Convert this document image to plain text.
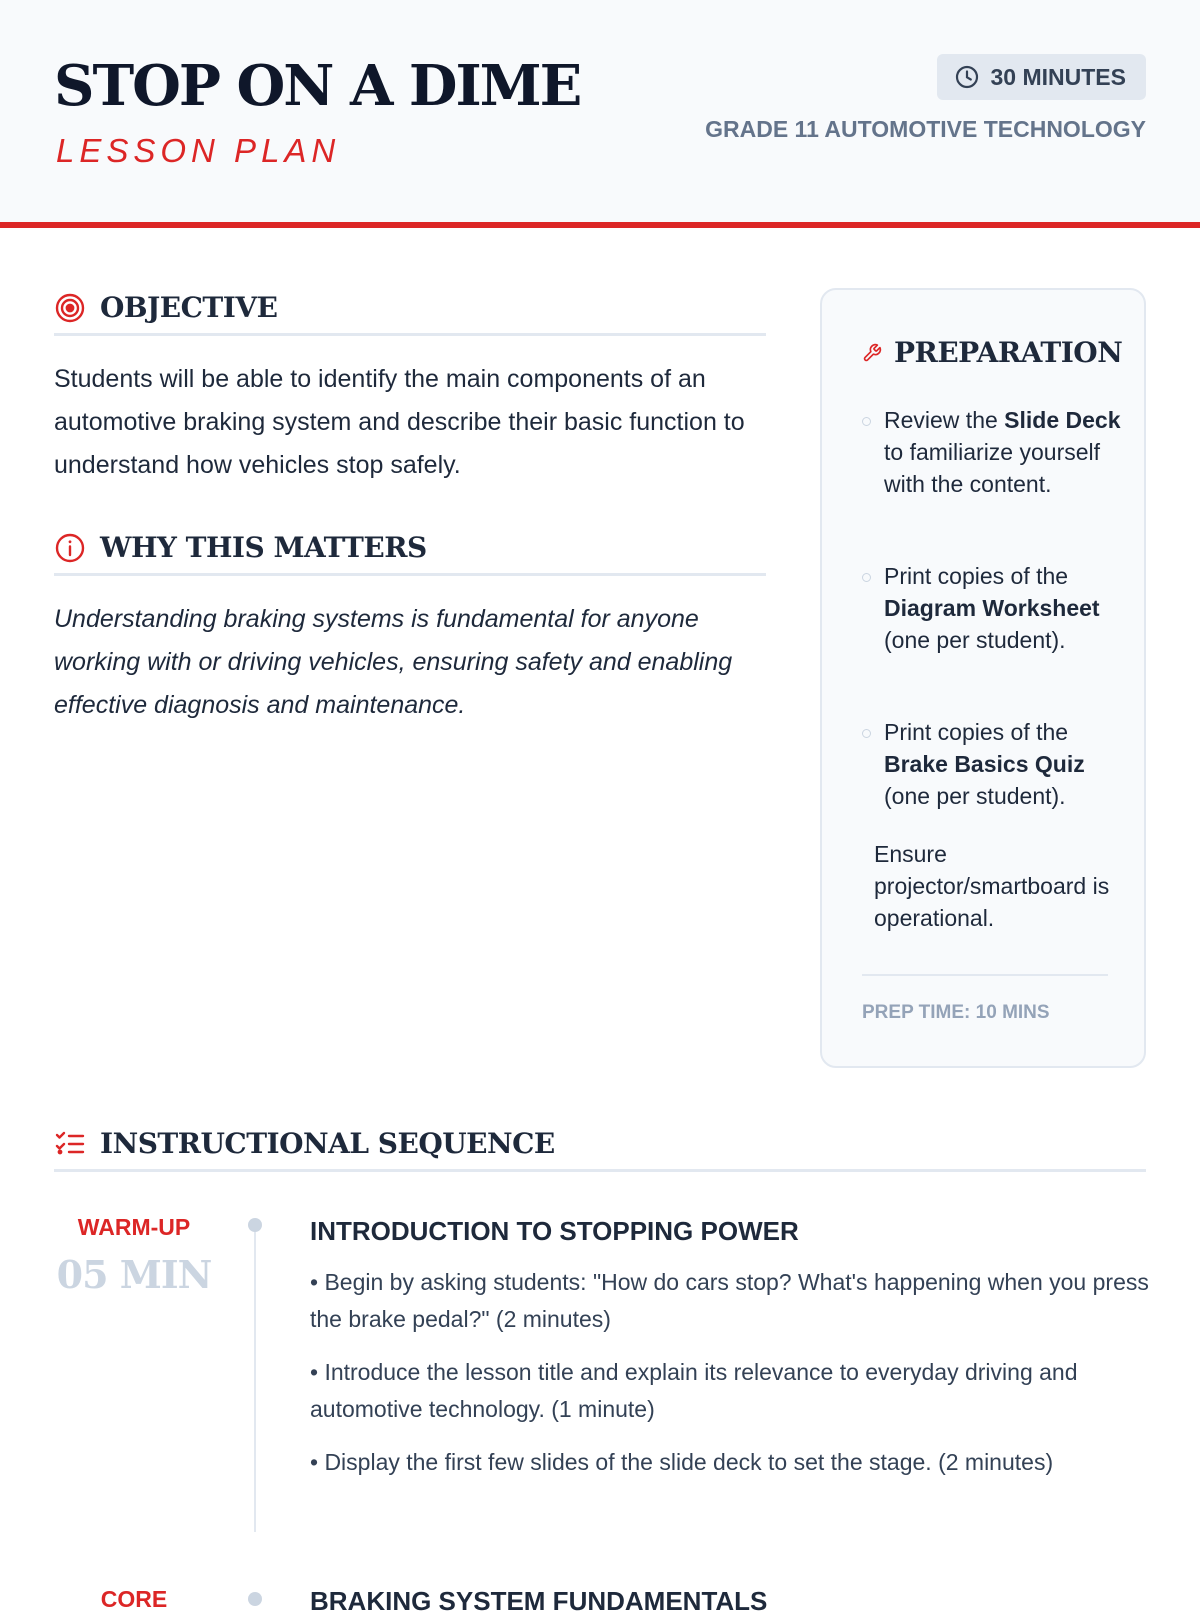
STOP ON A DIME
LESSON PLAN
30 MINUTES
GRADE 11 AUTOMOTIVE TECHNOLOGY
OBJECTIVE
Students will be able to identify the main components of an automotive braking system and describe their basic function to understand how vehicles stop safely.
WHY THIS MATTERS
Understanding braking systems is fundamental for anyone working with or driving vehicles, ensuring safety and enabling effective diagnosis and maintenance.
PREPARATION
Review the Slide Deck to familiarize yourself with the content.
Print copies of the Diagram Worksheet (one per student).
Print copies of the Brake Basics Quiz (one per student).
Ensure projector/smartboard is operational.
PREP TIME: 10 MINS
INSTRUCTIONAL SEQUENCE
WARM-UP
05 MIN
INTRODUCTION TO STOPPING POWER
• Begin by asking students: "How do cars stop? What's happening when you press the brake pedal?" (2 minutes)
• Introduce the lesson title and explain its relevance to everyday driving and automotive technology. (1 minute)
• Display the first few slides of the slide deck to set the stage. (2 minutes)
CORE	BRAKING SYSTEM FUNDAMENTALS
